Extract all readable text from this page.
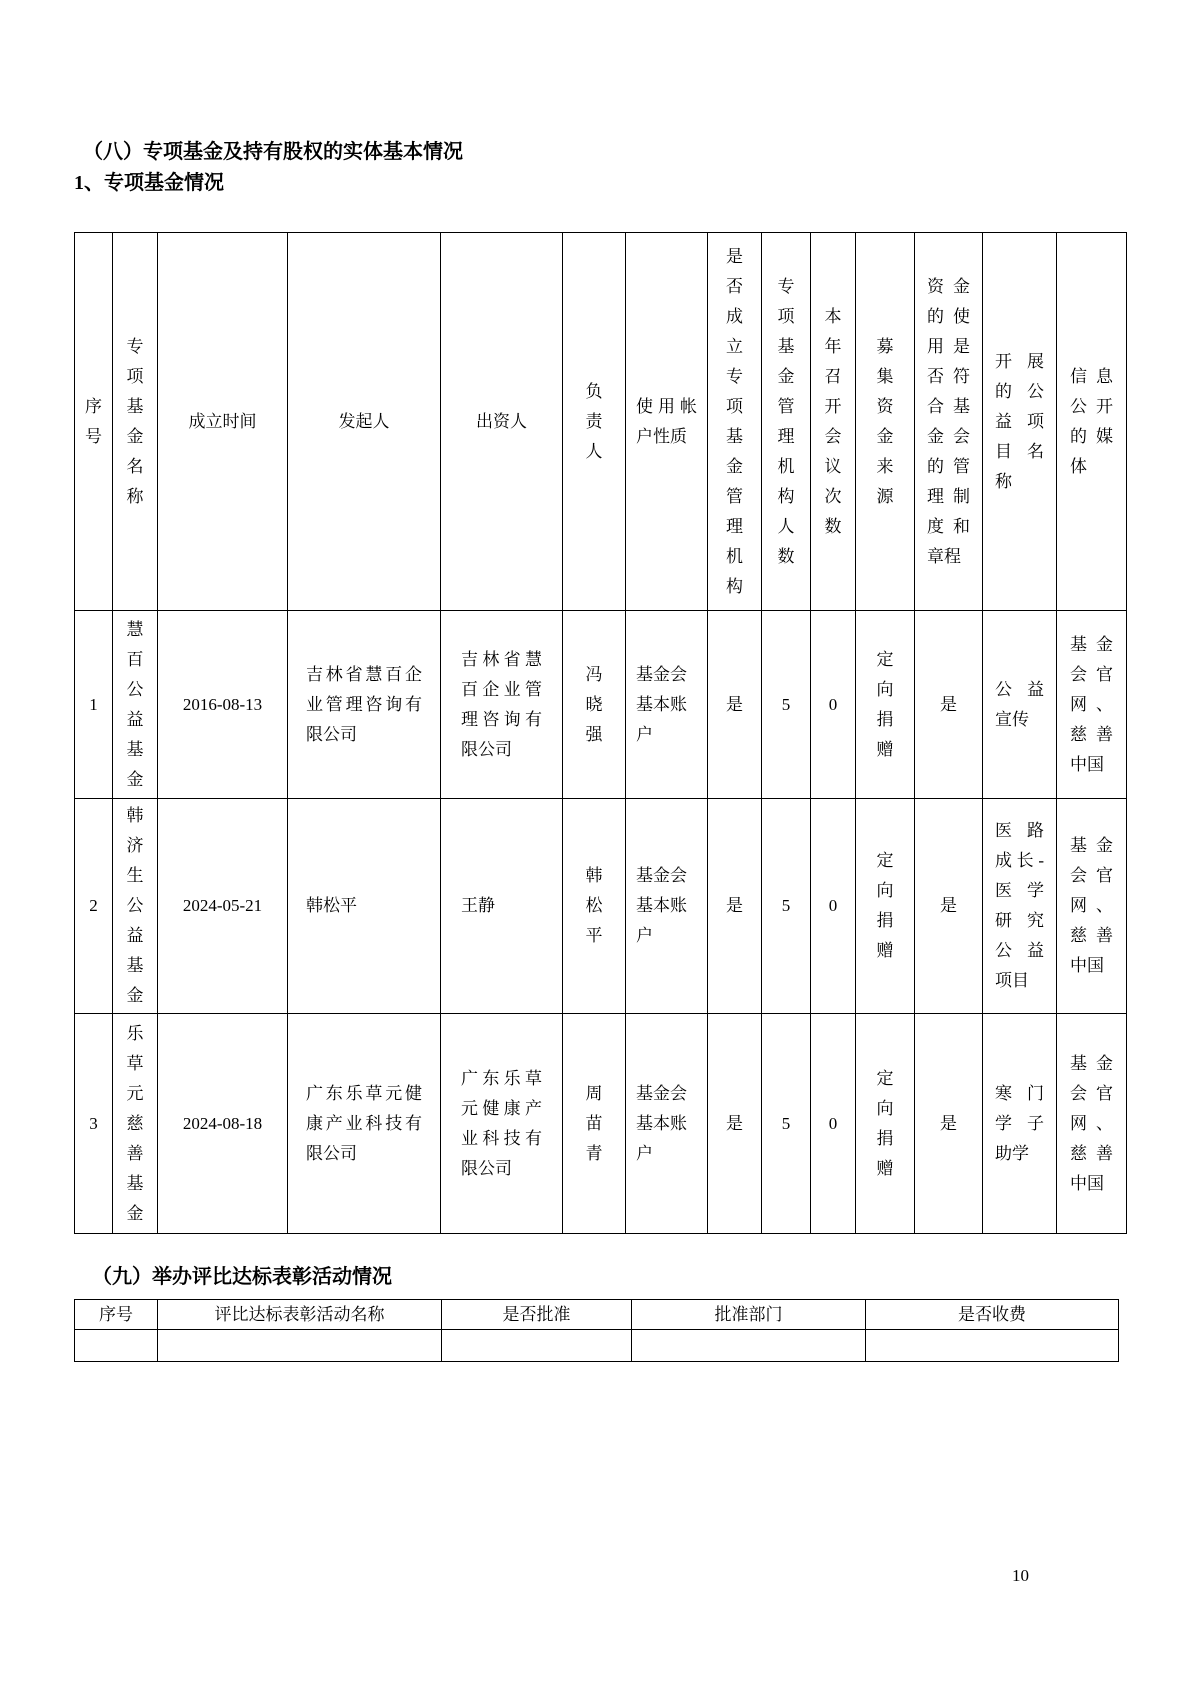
（八）专项基金及持有股权的实体基本情况
1、专项基金情况
序号	专项基金名称	成立时间	发起人	出资人	负责人	使用帐户性质	是否成立专项基金管理机构	专项基金管理机构人数	本年召开会议次数	募集资金来源	资金的使用是否符合基金会的管理制度和章程	开展的公益项目名称	信息公开的媒体
1	慧百公益基金	2016-08-13	吉林省慧百企业管理咨询有限公司	吉林省慧百企业管理咨询有限公司	冯晓强	基金会基本账户	是	5	0	定向捐赠	是	公益宣传	基金会官网、慈善中国
2	韩济生公益基金	2024-05-21	韩松平	王静	韩松平	基金会基本账户	是	5	0	定向捐赠	是	医路成长-医学研究公益项目	基金会官网、慈善中国
3	乐草元慈善基金	2024-08-18	广东乐草元健康产业科技有限公司	广东乐草元健康产业科技有限公司	周苗青	基金会基本账户	是	5	0	定向捐赠	是	寒门学子助学	基金会官网、慈善中国
（九）举办评比达标表彰活动情况
序号	评比达标表彰活动名称	是否批准	批准部门	是否收费

10
